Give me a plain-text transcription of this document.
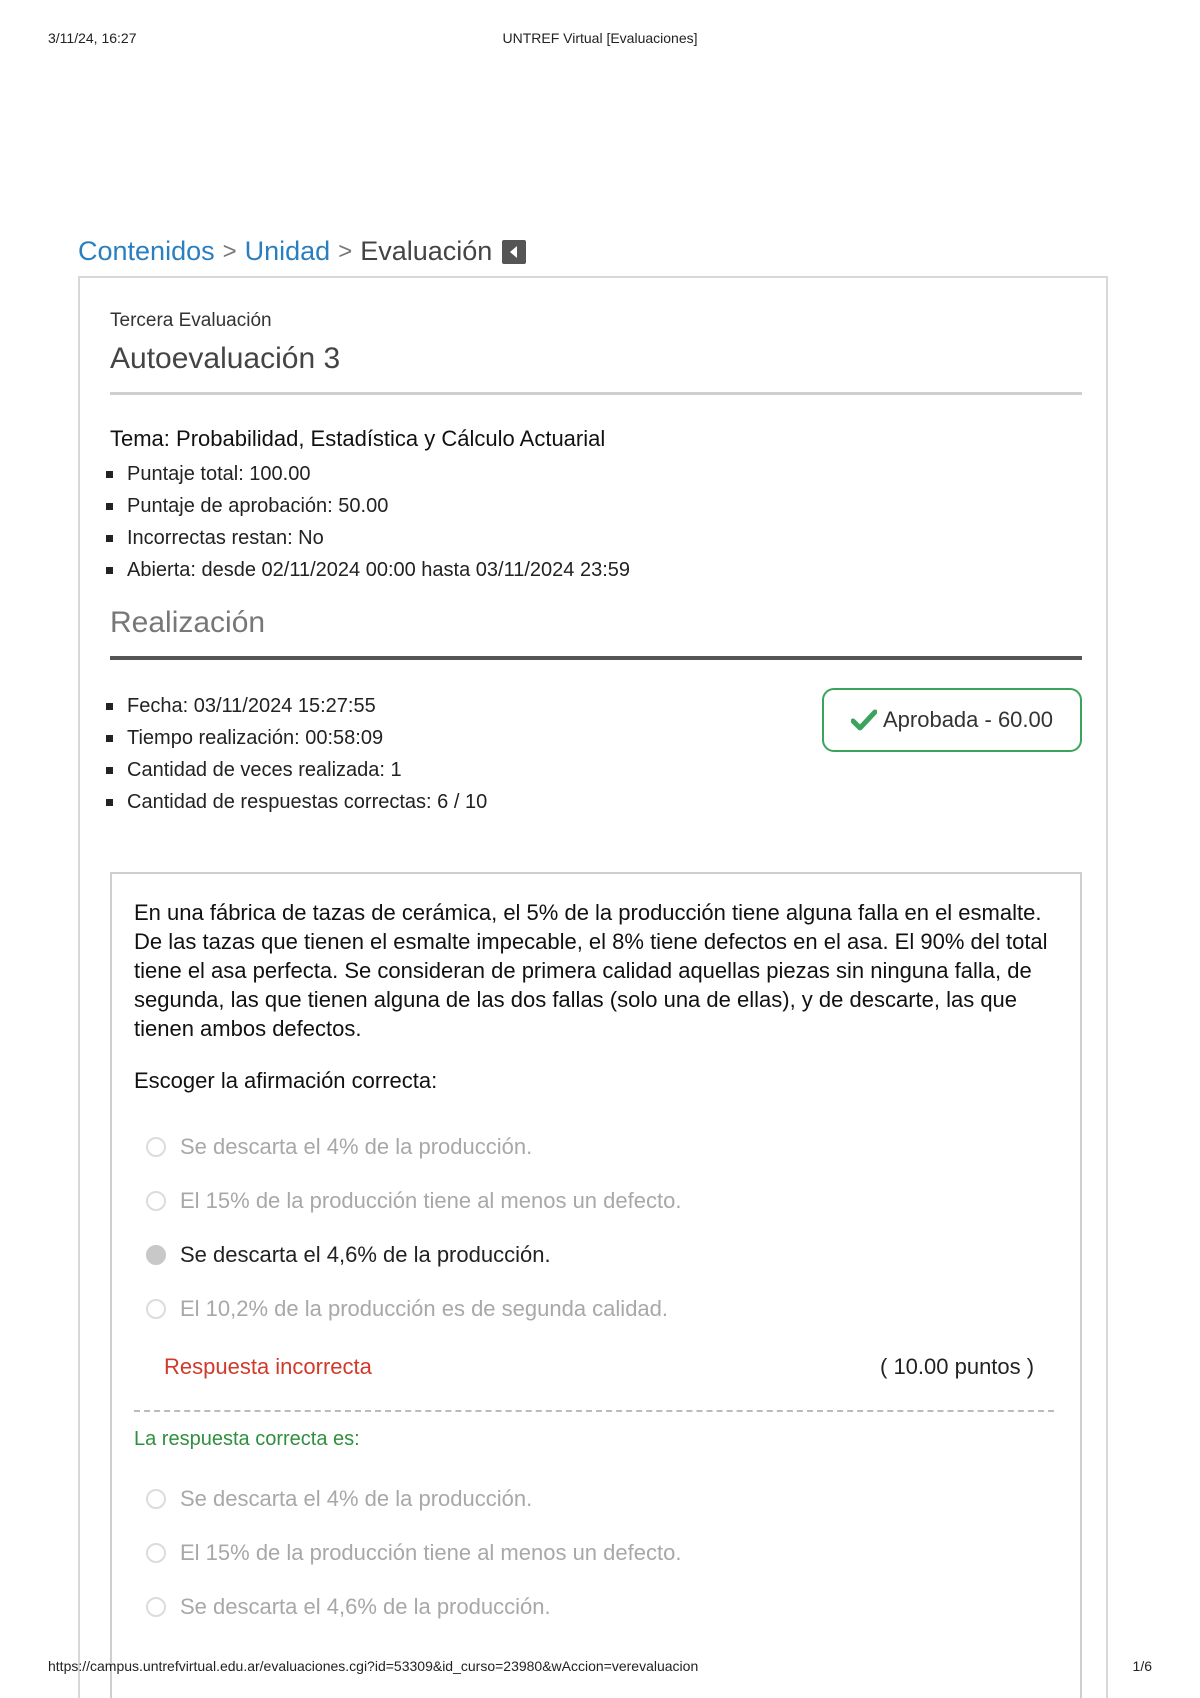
3/11/24, 16:27	UNTREF Virtual [Evaluaciones]
Contenidos > Unidad > Evaluación
Tercera Evaluación
Autoevaluación 3
Tema: Probabilidad, Estadística y Cálculo Actuarial
Puntaje total: 100.00
Puntaje de aprobación: 50.00
Incorrectas restan: No
Abierta: desde 02/11/2024 00:00 hasta 03/11/2024 23:59
Realización
Fecha: 03/11/2024 15:27:55
Tiempo realización: 00:58:09
Cantidad de veces realizada: 1
Cantidad de respuestas correctas: 6 / 10
Aprobada - 60.00
En una fábrica de tazas de cerámica, el 5% de la producción tiene alguna falla en el esmalte. De las tazas que tienen el esmalte impecable, el 8% tiene defectos en el asa. El 90% del total tiene el asa perfecta. Se consideran de primera calidad aquellas piezas sin ninguna falla, de segunda, las que tienen alguna de las dos fallas (solo una de ellas), y de descarte, las que tienen ambos defectos.
Escoger la afirmación correcta:
Se descarta el 4% de la producción.
El 15% de la producción tiene al menos un defecto.
Se descarta el 4,6% de la producción.
El 10,2% de la producción es de segunda calidad.
Respuesta incorrecta	( 10.00 puntos )
La respuesta correcta es:
Se descarta el 4% de la producción.
El 15% de la producción tiene al menos un defecto.
Se descarta el 4,6% de la producción.
https://campus.untrefvirtual.edu.ar/evaluaciones.cgi?id=53309&id_curso=23980&wAccion=verevaluacion	1/6
